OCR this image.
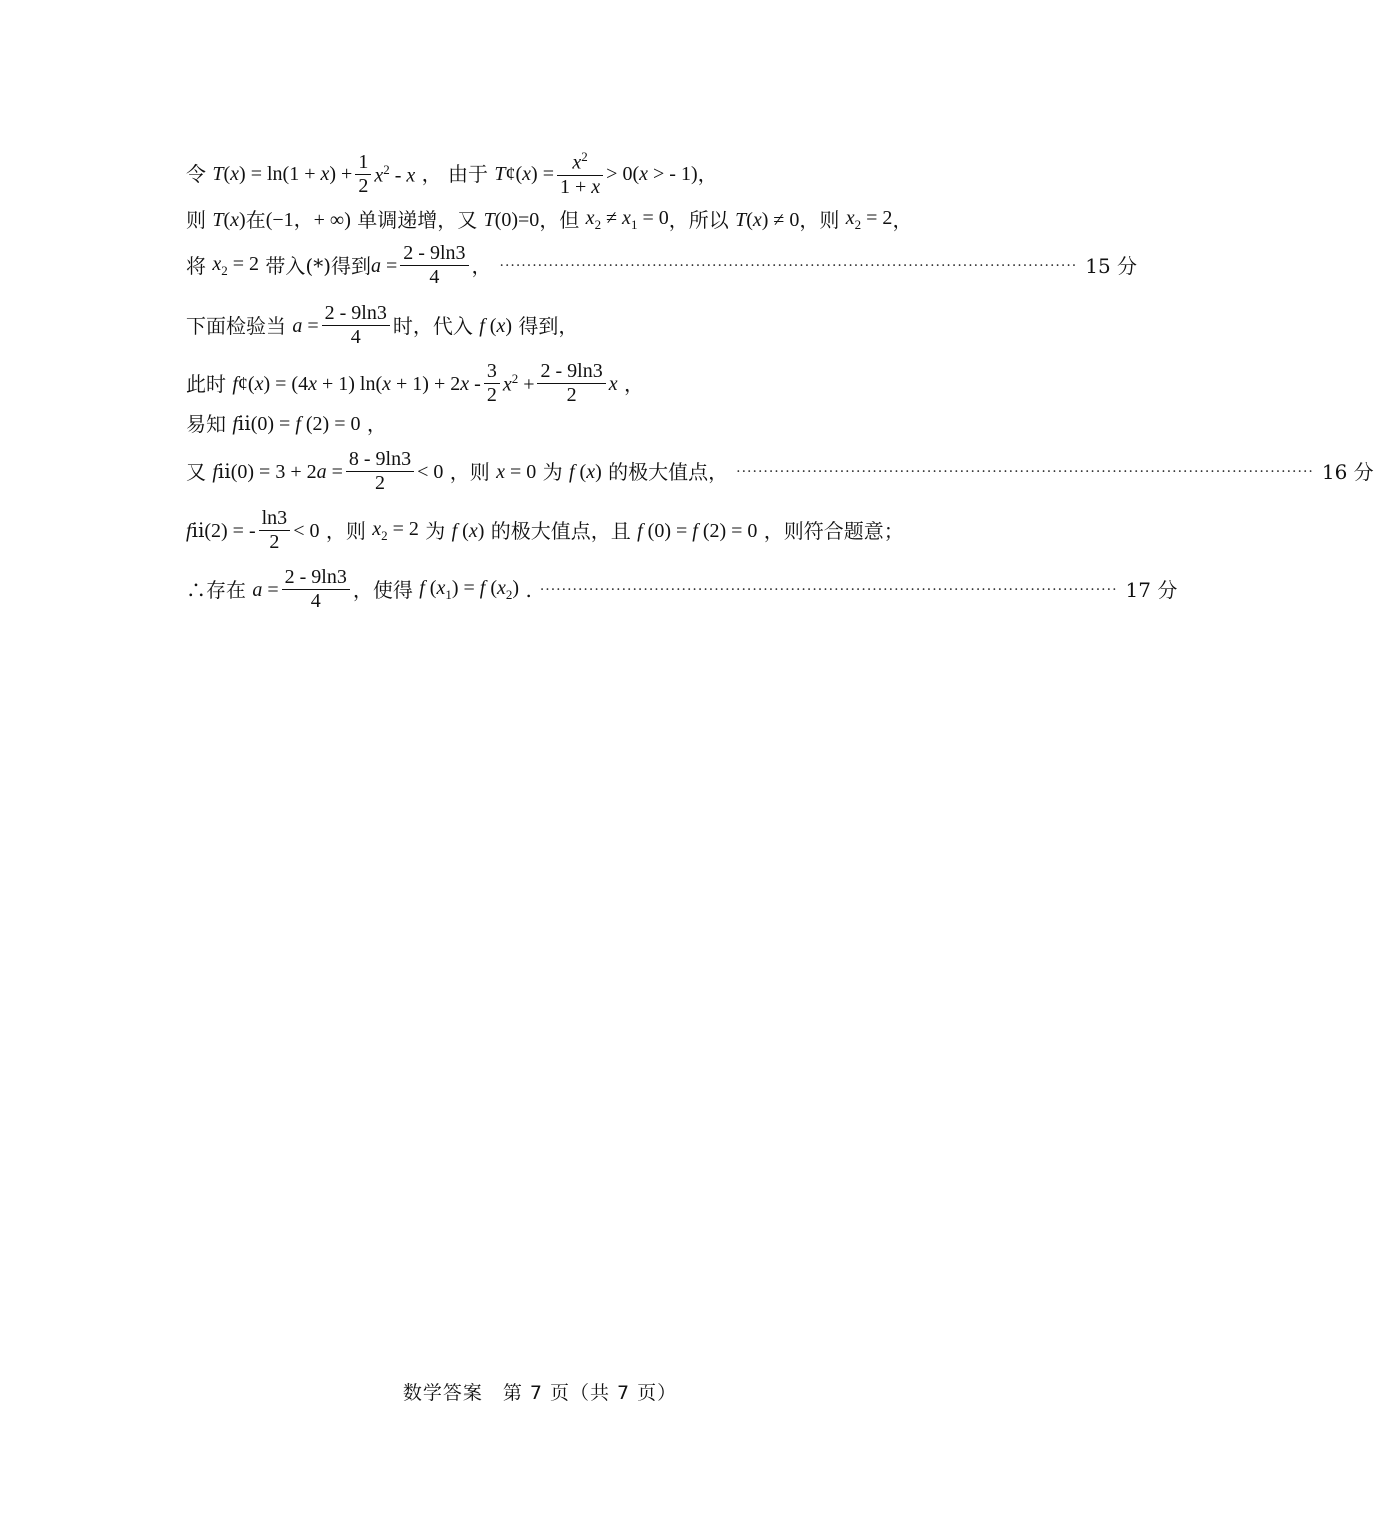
令 $T(x) = \ln(1 + x) + \frac{1}{2} x^2 - x$ ， 由于 T¢(x) = $\frac{x^2}{1 + x} > 0(x$ > - 1) ，
则 T(x) 在 (−1，+ ∞) 单调递增，又 T(0)=0 ，但 $x_2 \ne x_1 = 0$ ，所以 T(x) ≠ 0 ，则 $x_2 = 2$ ，
将 $x_2 = 2$ 带入(*)得到 $a = \frac{2 - 9\ln 3}{4}$ ， ·········································································································· 15 分
下面检验当 $a = \frac{2 - 9\ln 3}{4}$ 时，代入 f (x) 得到，
此时 f¢(x) = (4x + 1) $\ln(x + 1) + 2x - \frac{3}{2} x^2 + \frac{2 - 9\ln 3}{2}$ x ，
易知 fⅱ(0) = f (2) = 0 ，
又 fⅱ(0) = $3 + 2a = \frac{8 - 9\ln 3}{2} < 0$ ，则 x = 0 为 f (x) 的极大值点， ·········································································································· 16 分
fⅱ(2) = - $\frac{\ln 3}{2} < 0$ ，则 $x_2 = 2$ 为 f (x) 的极大值点，且 f (0) = f (2) = 0 ，则符合题意；
∴存在 $a = \frac{2 - 9\ln 3}{4}$ ，使得 f $(x_1) = f$ $(x_2)$ . ·········································································································· 17 分
数学答案　第 7 页（共 7 页）
